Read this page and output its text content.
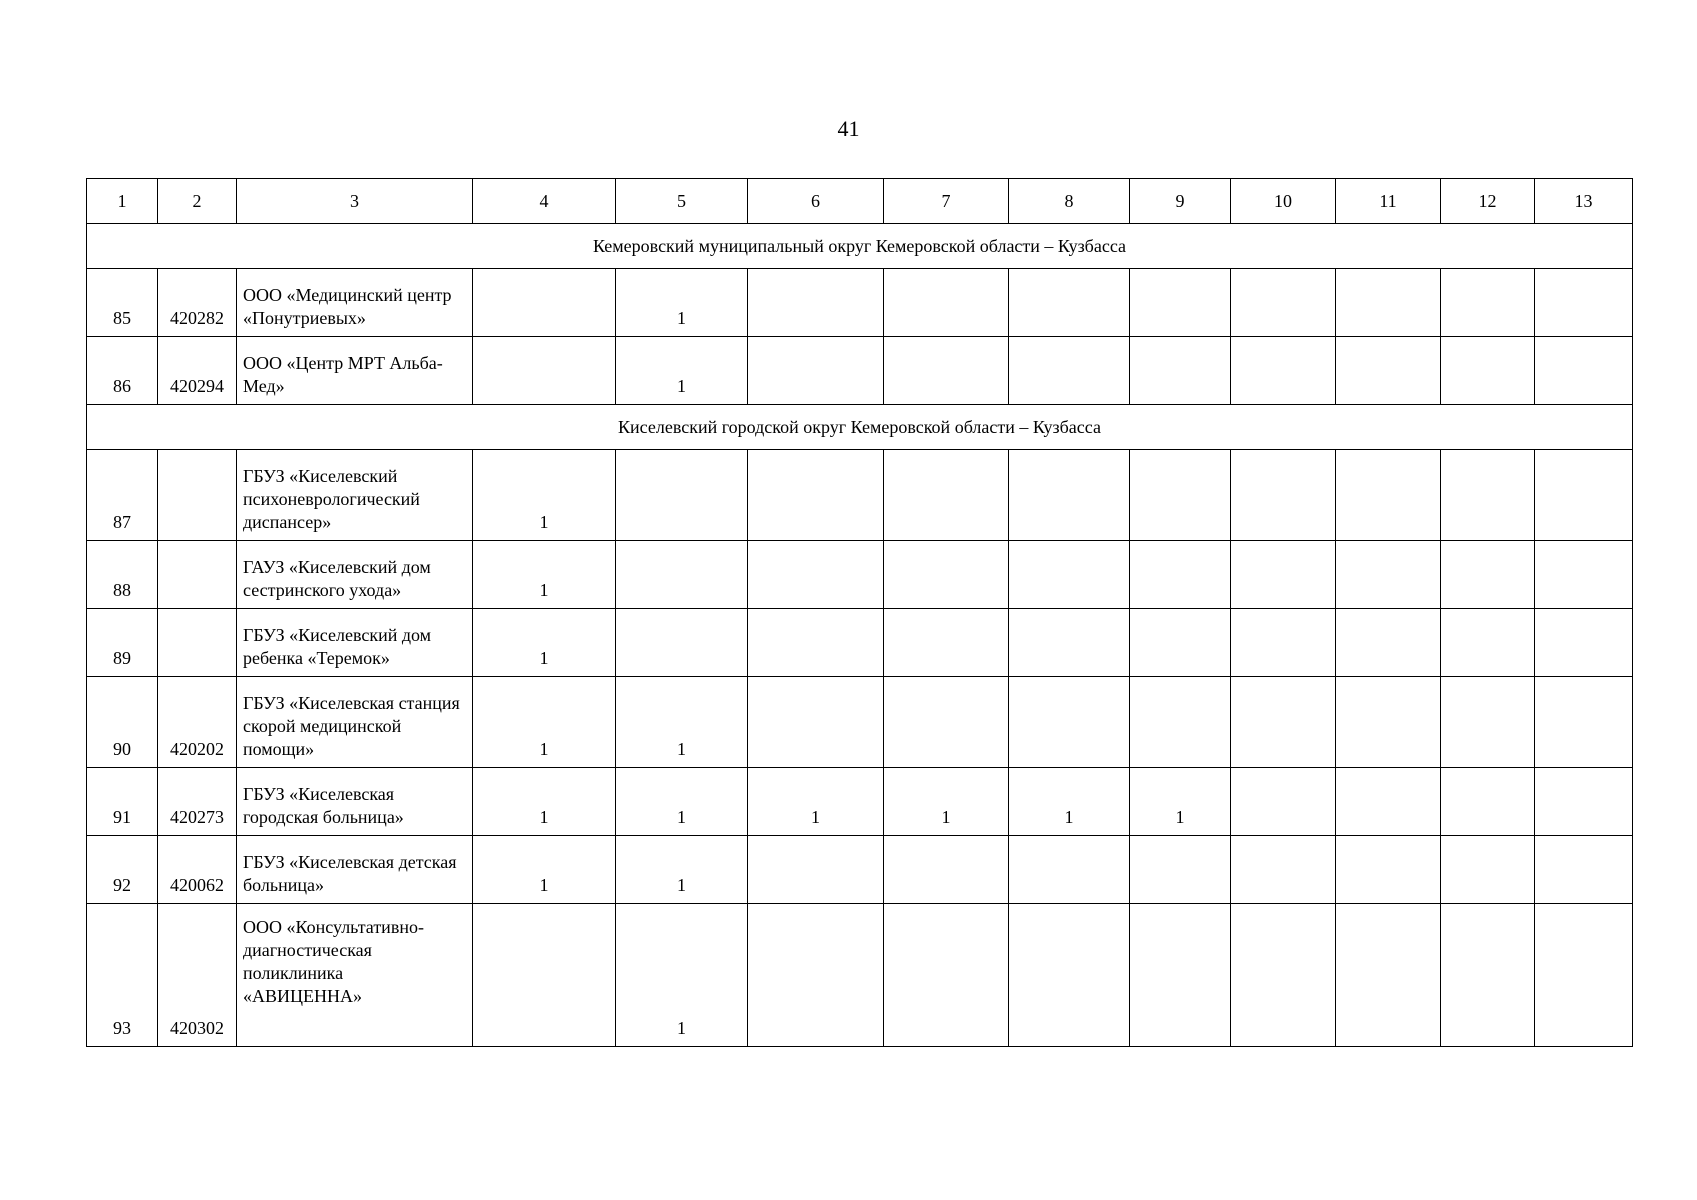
41
1	2	3	4	5	6	7	8	9	10	11	12	13
Кемеровский муниципальный округ Кемеровской области – Кузбасса												
85	420282	ООО «Медицинский центр «Понутриевых»		1								
86	420294	ООО «Центр МРТ Альба-Мед»		1								
Киселевский городской округ Кемеровской области – Кузбасса												
87		ГБУЗ «Киселевский психоневрологический диспансер»	1									
88		ГАУЗ «Киселевский дом сестринского ухода»	1									
89		ГБУЗ «Киселевский дом ребенка «Теремок»	1									
90	420202	ГБУЗ «Киселевская станция скорой медицинской помощи»	1	1								
91	420273	ГБУЗ «Киселевская городская больница»	1	1	1	1	1	1				
92	420062	ГБУЗ «Киселевская детская больница»	1	1								
93	420302	ООО «Консультативно-диагностическая поликлиника «АВИЦЕННА»		1								
